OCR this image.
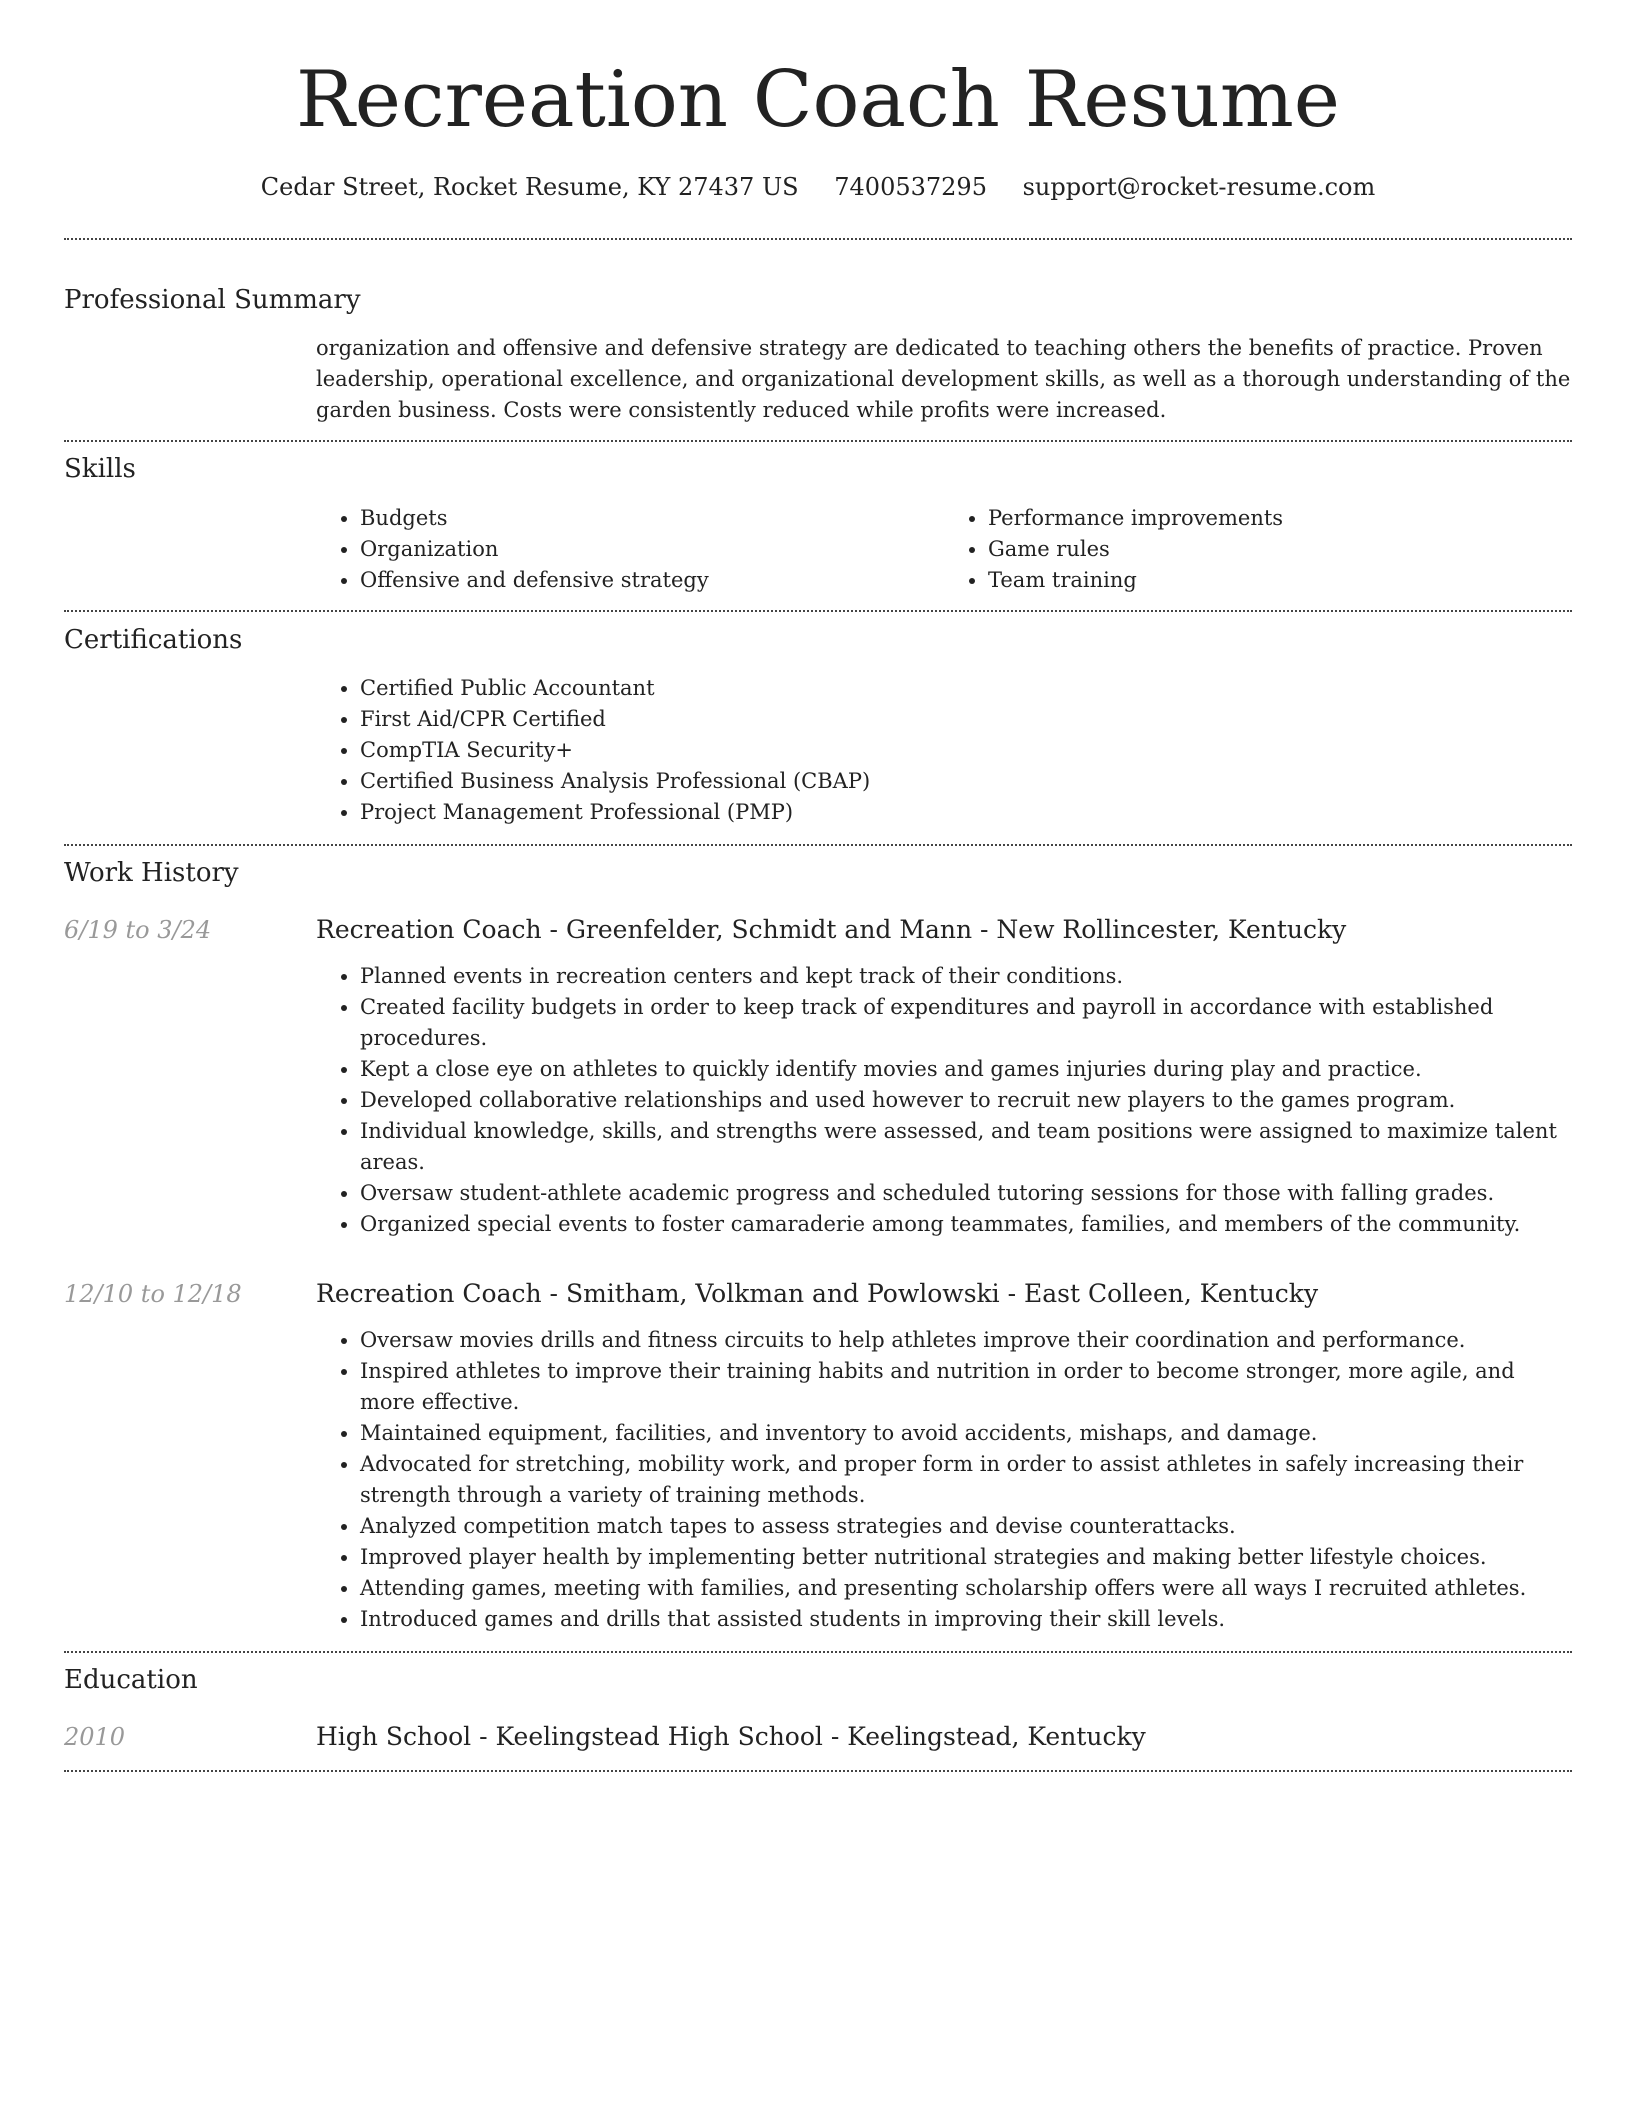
Recreation Coach Resume
Cedar Street, Rocket Resume, KY 27437 US 7400537295 support@rocket-resume.com
Professional Summary
organization and offensive and defensive strategy are dedicated to teaching others the benefits of practice. Proven leadership, operational excellence, and organizational development skills, as well as a thorough understanding of the garden business. Costs were consistently reduced while profits were increased.
Skills
• Budgets
• Organization
• Offensive and defensive strategy
• Performance improvements
• Game rules
• Team training
Certifications
• Certified Public Accountant
• First Aid/CPR Certified
• CompTIA Security+
• Certified Business Analysis Professional (CBAP)
• Project Management Professional (PMP)
Work History
6/19 to 3/24	Recreation Coach - Greenfelder, Schmidt and Mann - New Rollincester, Kentucky
• Planned events in recreation centers and kept track of their conditions.
• Created facility budgets in order to keep track of expenditures and payroll in accordance with established procedures.
• Kept a close eye on athletes to quickly identify movies and games injuries during play and practice.
• Developed collaborative relationships and used however to recruit new players to the games program.
• Individual knowledge, skills, and strengths were assessed, and team positions were assigned to maximize talent areas.
• Oversaw student-athlete academic progress and scheduled tutoring sessions for those with falling grades.
• Organized special events to foster camaraderie among teammates, families, and members of the community.
12/10 to 12/18	Recreation Coach - Smitham, Volkman and Powlowski - East Colleen, Kentucky
• Oversaw movies drills and fitness circuits to help athletes improve their coordination and performance.
• Inspired athletes to improve their training habits and nutrition in order to become stronger, more agile, and more effective.
• Maintained equipment, facilities, and inventory to avoid accidents, mishaps, and damage.
• Advocated for stretching, mobility work, and proper form in order to assist athletes in safely increasing their strength through a variety of training methods.
• Analyzed competition match tapes to assess strategies and devise counterattacks.
• Improved player health by implementing better nutritional strategies and making better lifestyle choices.
• Attending games, meeting with families, and presenting scholarship offers were all ways I recruited athletes.
• Introduced games and drills that assisted students in improving their skill levels.
Education
2010	High School - Keelingstead High School - Keelingstead, Kentucky
